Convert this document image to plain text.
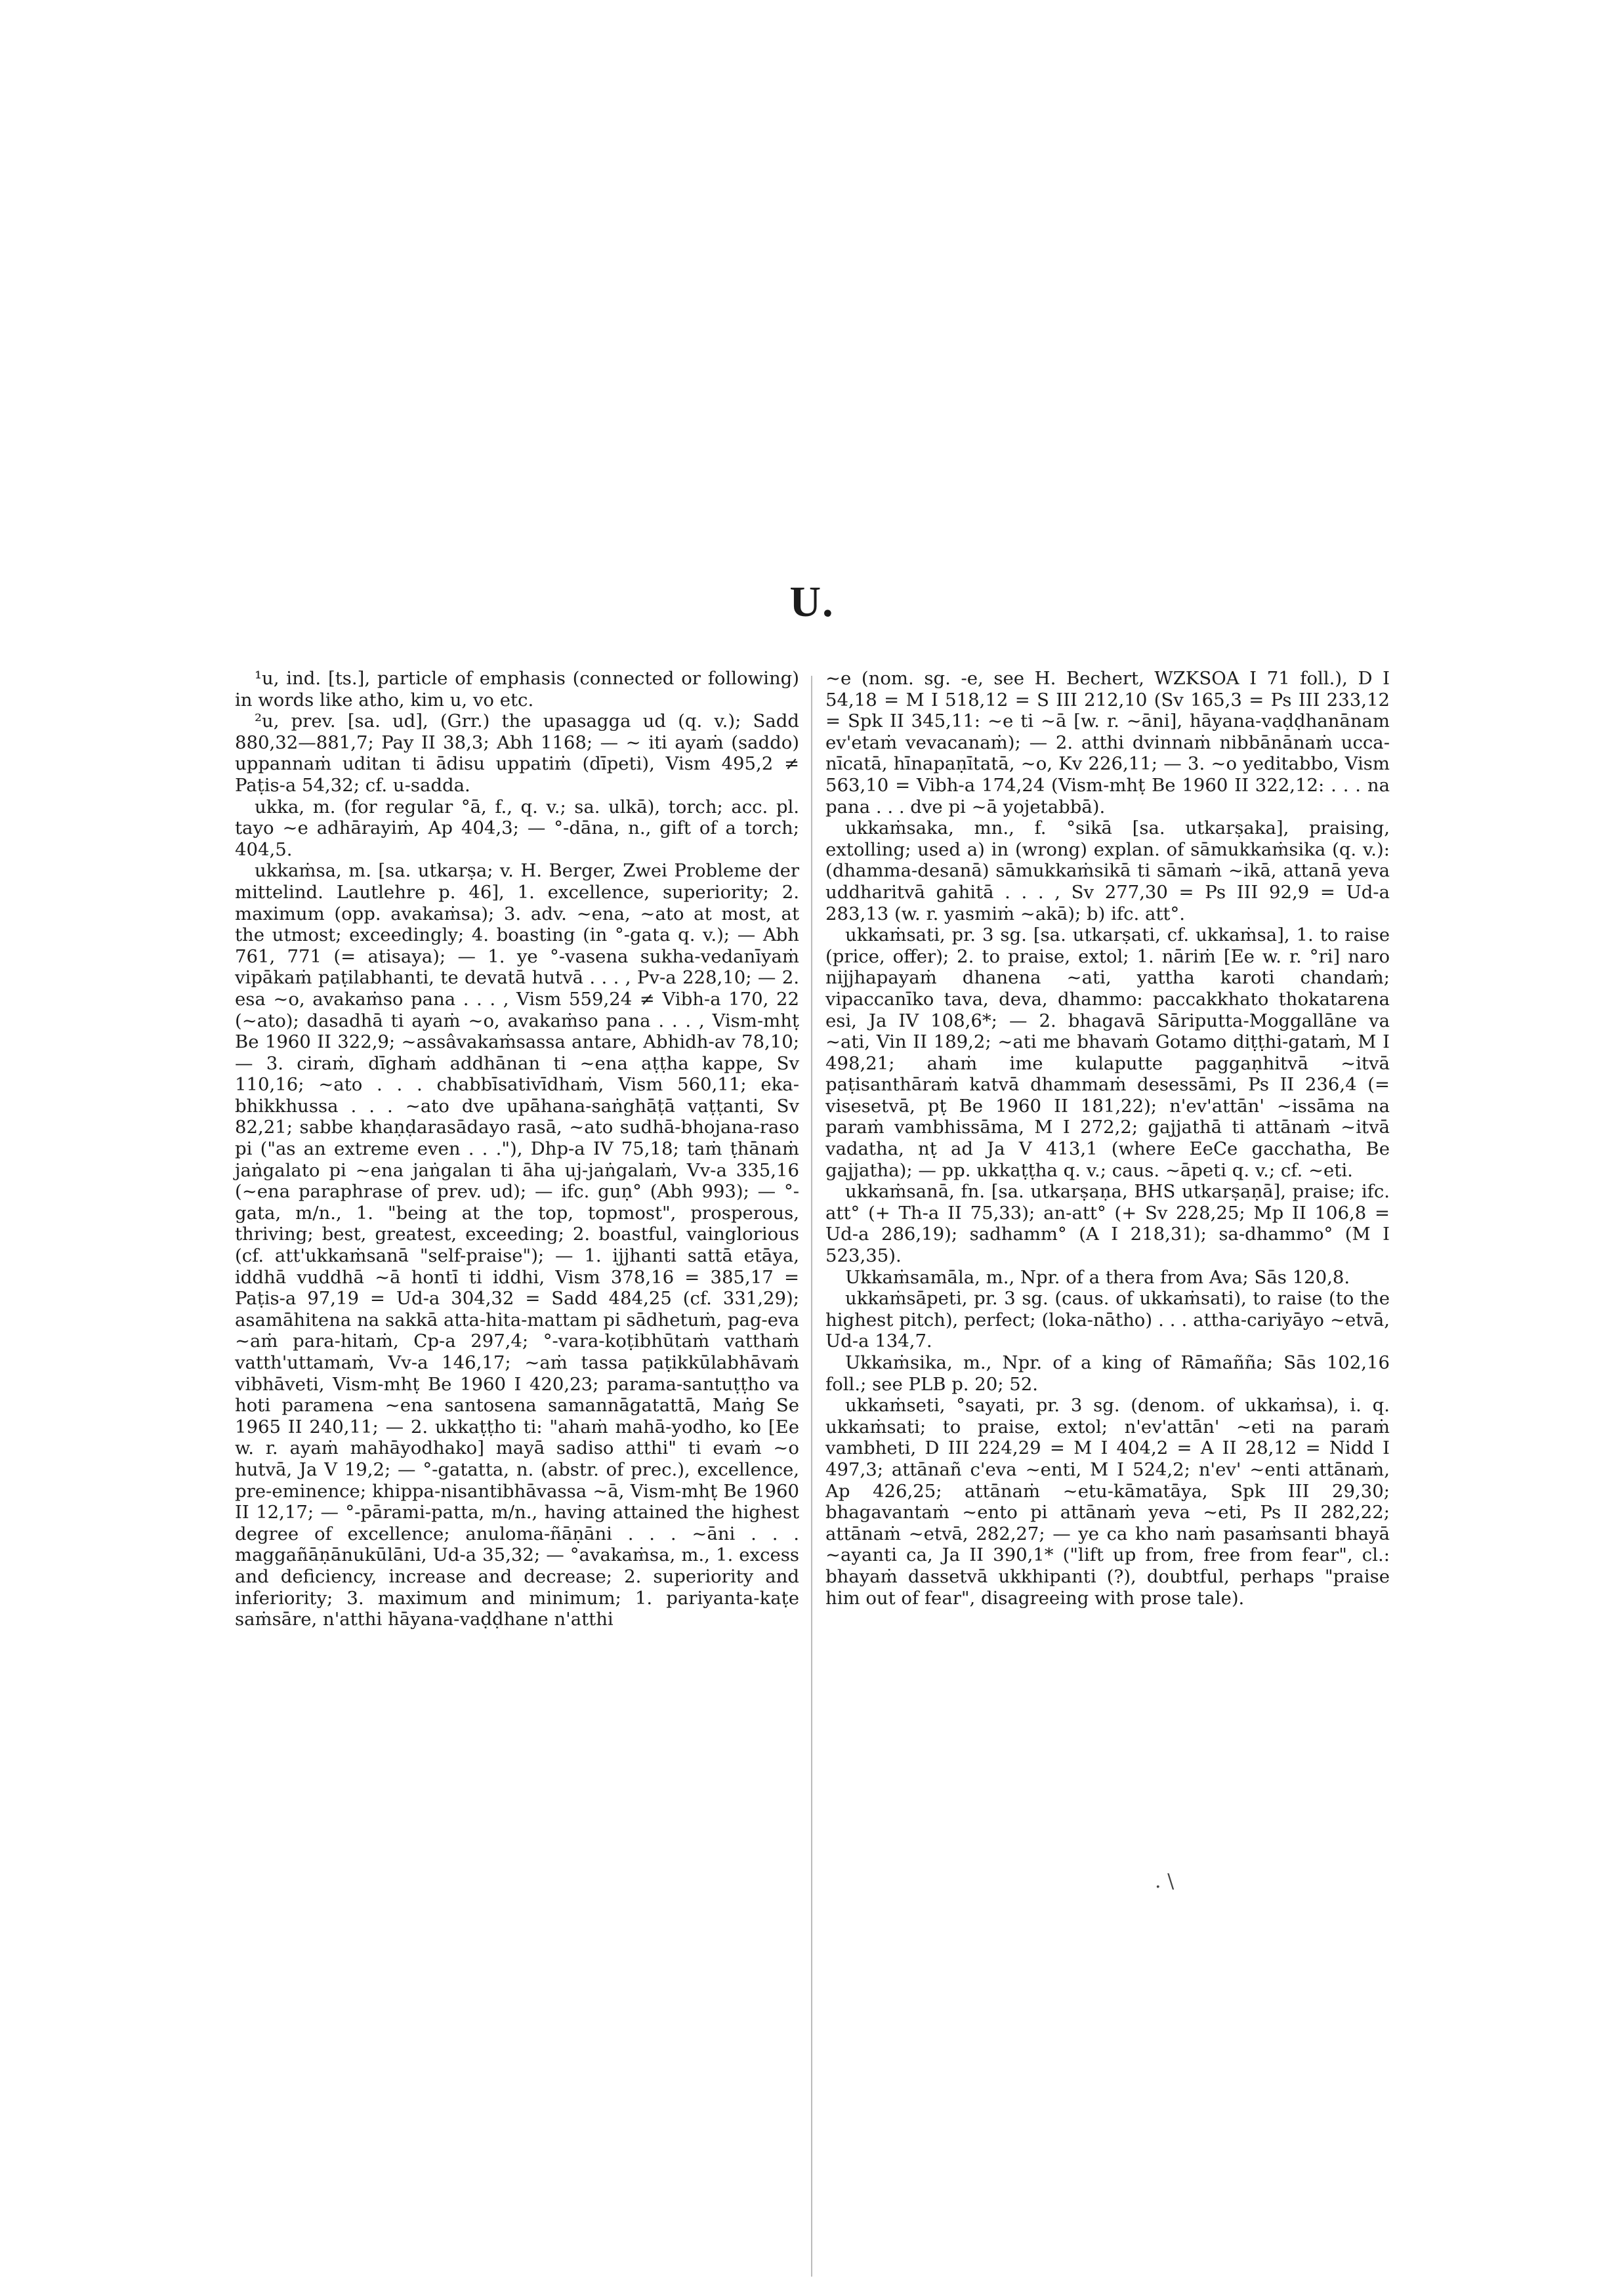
U.

¹u, ind. [ts.], particle of emphasis (connected or following) in words like atho, kim u, vo etc.

²u, prev. [sa. ud], (Grr.) the upasagga ud (q. v.); Sadd 880,32—881,7; Pay II 38,3; Abh 1168; — ~ iti ayaṁ (saddo) uppannaṁ uditan ti ādisu uppatiṁ (dīpeti), Vism 495,2 ≠ Paṭis-a 54,32; cf. u-sadda.

ukka, m. (for regular °ā, f., q. v.; sa. ulkā), torch; acc. pl. tayo ~e adhārayiṁ, Ap 404,3; — °-dāna, n., gift of a torch; 404,5.

ukkaṁsa, m. [sa. utkarṣa; v. H. Berger, Zwei Probleme der mittelind. Lautlehre p. 46], 1. excellence, superiority; 2. maximum (opp. avakaṁsa); 3. adv. ~ena, ~ato at most, at the utmost; exceedingly; 4. boasting (in °-gata q. v.); — Abh 761, 771 (= atisaya); — 1. ye °-vasena sukha-vedanīyaṁ vipākaṁ paṭilabhanti, te devatā hutvā . . . , Pv-a 228,10; — 2. esa ~o, avakaṁso pana . . . , Vism 559,24 ≠ Vibh-a 170, 22 (~ato); dasadhā ti ayaṁ ~o, avakaṁso pana . . . , Vism-mhṭ Be 1960 II 322,9; ~assâvakaṁsassa antare, Abhidh-av 78,10; — 3. ciraṁ, dīghaṁ addhānan ti ~ena aṭṭha kappe, Sv 110,16; ~ato . . . chabbīsativīdhaṁ, Vism 560,11; eka-bhikkhussa . . . ~ato dve upāhana-saṅghāṭā vaṭṭanti, Sv 82,21; sabbe khaṇḍarasādayo rasā, ~ato sudhā-bhojana-raso pi ("as an extreme even . . ."), Dhp-a IV 75,18; taṁ ṭhānaṁ jaṅgalato pi ~ena jaṅgalan ti āha uj-jaṅgalaṁ, Vv-a 335,16 (~ena paraphrase of prev. ud); — ifc. guṇ° (Abh 993); — °-gata, m/n., 1. "being at the top, topmost", prosperous, thriving; best, greatest, exceeding; 2. boastful, vainglorious (cf. att'ukkaṁsanā "self-praise"); — 1. ijjhanti sattā etāya, iddhā vuddhā ~ā hontī ti iddhi, Vism 378,16 = 385,17 = Paṭis-a 97,19 = Ud-a 304,32 = Sadd 484,25 (cf. 331,29); asamāhitena na sakkā atta-hita-mattam pi sādhetuṁ, pag-eva ~aṁ para-hitaṁ, Cp-a 297,4; °-vara-koṭibhūtaṁ vatthaṁ vatth'uttamaṁ, Vv-a 146,17; ~aṁ tassa paṭikkūlabhāvaṁ vibhāveti, Vism-mhṭ Be 1960 I 420,23; parama-santuṭṭho va hoti paramena ~ena santosena samannāgatattā, Maṅg Se 1965 II 240,11; — 2. ukkaṭṭho ti: "ahaṁ mahā-yodho, ko [Ee w. r. ayaṁ mahāyodhako] mayā sadiso atthi" ti evaṁ ~o hutvā, Ja V 19,2; — °-gatatta, n. (abstr. of prec.), excellence, pre-eminence; khippa-nisantibhāvassa ~ā, Vism-mhṭ Be 1960 II 12,17; — °-pārami-patta, m/n., having attained the highest degree of excellence; anuloma-ñāṇāni . . . ~āni . . . maggañāṇānukūlāni, Ud-a 35,32; — °avakaṁsa, m., 1. excess and deficiency, increase and decrease; 2. superiority and inferiority; 3. maximum and minimum; 1. pariyanta-kaṭe saṁsāre, n'atthi hāyana-vaḍḍhane n'atthi

~e (nom. sg. -e, see H. Bechert, WZKSOA I 71 foll.), D I 54,18 = M I 518,12 = S III 212,10 (Sv 165,3 = Ps III 233,12 = Spk II 345,11: ~e ti ~ā [w. r. ~āni], hāyana-vaḍḍhanānam ev'etaṁ vevacanaṁ); — 2. atthi dvinnaṁ nibbānānaṁ ucca-nīcatā, hīnapaṇītatā, ~o, Kv 226,11; — 3. ~o yeditabbo, Vism 563,10 = Vibh-a 174,24 (Vism-mhṭ Be 1960 II 322,12: . . . na pana . . . dve pi ~ā yojetabbā).

ukkaṁsaka, mn., f. °sikā [sa. utkarṣaka], praising, extolling; used a) in (wrong) explan. of sāmukkaṁsika (q. v.): (dhamma-desanā) sāmukkaṁsikā ti sāmaṁ ~ikā, attanā yeva uddharitvā gahitā . . . , Sv 277,30 = Ps III 92,9 = Ud-a 283,13 (w. r. yasmiṁ ~akā); b) ifc. att°.

ukkaṁsati, pr. 3 sg. [sa. utkarṣati, cf. ukkaṁsa], 1. to raise (price, offer); 2. to praise, extol; 1. nāriṁ [Ee w. r. °ri] naro nijjhapayaṁ dhanena ~ati, yattha karoti chandaṁ; vipaccanīko tava, deva, dhammo: paccakkhato thokatarena esi, Ja IV 108,6*; — 2. bhagavā Sāriputta-Moggallāne va ~ati, Vin II 189,2; ~ati me bhavaṁ Gotamo diṭṭhi-gataṁ, M I 498,21; ahaṁ ime kulaputte paggaṇhitvā ~itvā paṭisanthāraṁ katvā dhammaṁ desessāmi, Ps II 236,4 (= visesetvā, pṭ Be 1960 II 181,22); n'ev'attān' ~issāma na paraṁ vambhissāma, M I 272,2; gajjathā ti attānaṁ ~itvā vadatha, nṭ ad Ja V 413,1 (where EeCe gacchatha, Be gajjatha); — pp. ukkaṭṭha q. v.; caus. ~āpeti q. v.; cf. ~eti.

ukkaṁsanā, fn. [sa. utkarṣaṇa, BHS utkarṣaṇā], praise; ifc. att° (+ Th-a II 75,33); an-att° (+ Sv 228,25; Mp II 106,8 = Ud-a 286,19); sadhamm° (A I 218,31); sa-dhammo° (M I 523,35).

Ukkaṁsamāla, m., Npr. of a thera from Ava; Sās 120,8.

ukkaṁsāpeti, pr. 3 sg. (caus. of ukkaṁsati), to raise (to the highest pitch), perfect; (loka-nātho) . . . attha-cariyāyo ~etvā, Ud-a 134,7.

Ukkaṁsika, m., Npr. of a king of Rāmañña; Sās 102,16 foll.; see PLB p. 20; 52.

ukkaṁseti, °sayati, pr. 3 sg. (denom. of ukkaṁsa), i. q. ukkaṁsati; to praise, extol; n'ev'attān' ~eti na paraṁ vambheti, D III 224,29 = M I 404,2 = A II 28,12 = Nidd I 497,3; attānañ c'eva ~enti, M I 524,2; n'ev' ~enti attānaṁ, Ap 426,25; attānaṁ ~etu-kāmatāya, Spk III 29,30; bhagavantaṁ ~ento pi attānaṁ yeva ~eti, Ps II 282,22; attānaṁ ~etvā, 282,27; — ye ca kho naṁ pasaṁsanti bhayā ~ayanti ca, Ja II 390,1* ("lift up from, free from fear", cl.: bhayaṁ dassetvā ukkhipanti (?), doubtful, perhaps "praise him out of fear", disagreeing with prose tale).

. \
